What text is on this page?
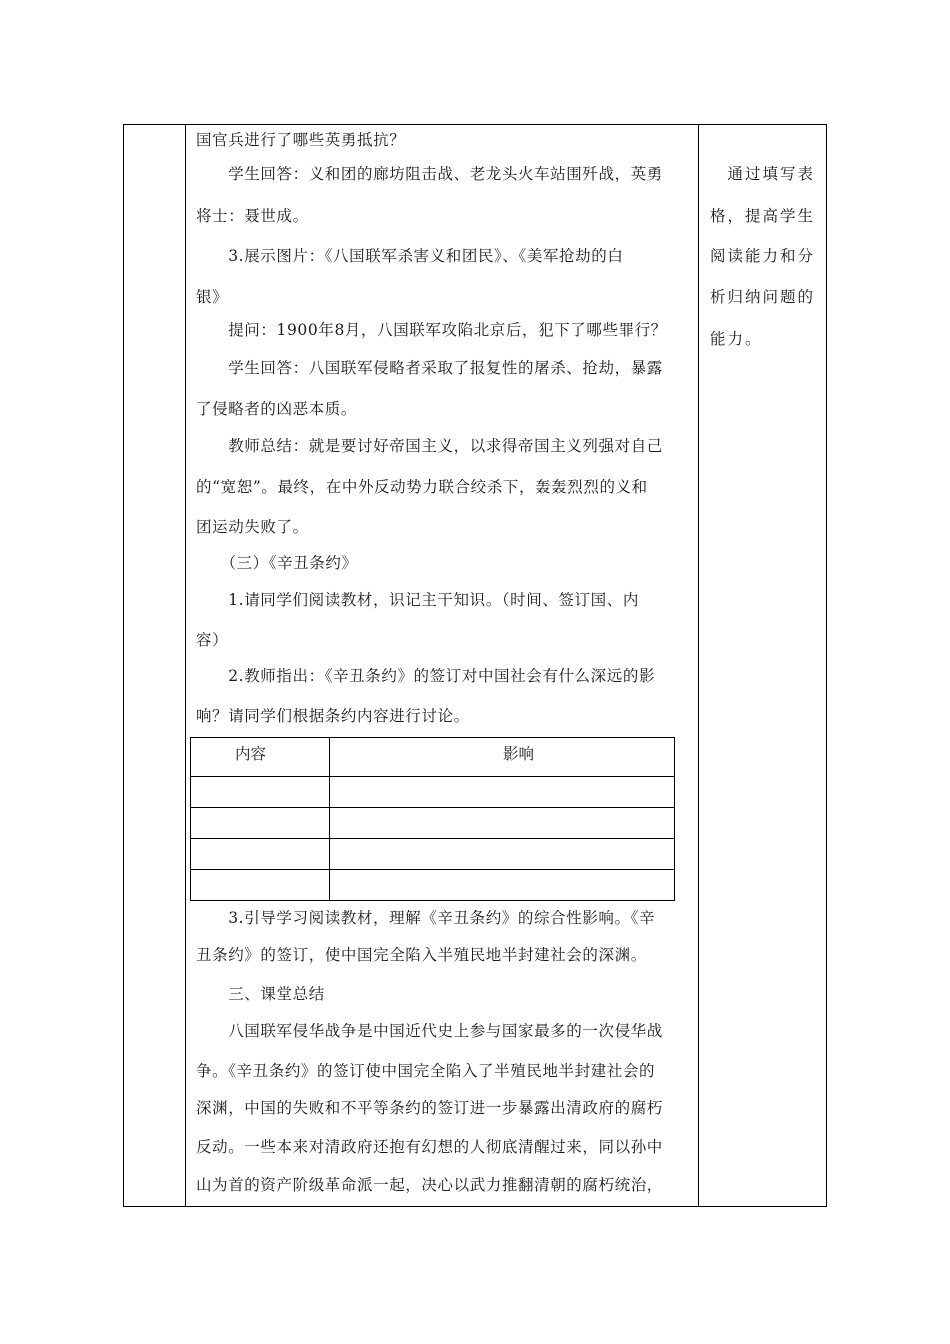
国官兵进行了哪些英勇抵抗？
　　学生回答：义和团的廊坊阻击战、老龙头火车站围歼战，英勇
将士：聂世成。
　　3.展示图片：《八国联军杀害义和团民》、《美军抢劫的白
银》
　　提问：1900年8月，八国联军攻陷北京后，犯下了哪些罪行？
　　学生回答：八国联军侵略者采取了报复性的屠杀、抢劫，暴露
了侵略者的凶恶本质。
　　教师总结：就是要讨好帝国主义，以求得帝国主义列强对自己
的“宽恕”。最终，在中外反动势力联合绞杀下，轰轰烈烈的义和
团运动失败了。
　　（三）《辛丑条约》
　　1.请同学们阅读教材，识记主干知识。（时间、签订国、内
容）
　　2.教师指出：《辛丑条约》的签订对中国社会有什么深远的影
响？请同学们根据条约内容进行讨论。
　　3.引导学习阅读教材，理解《辛丑条约》的综合性影响。《辛
丑条约》的签订，使中国完全陷入半殖民地半封建社会的深渊。
　　三、课堂总结
　　八国联军侵华战争是中国近代史上参与国家最多的一次侵华战
争。《辛丑条约》的签订使中国完全陷入了半殖民地半封建社会的
深渊，中国的失败和不平等条约的签订进一步暴露出清政府的腐朽
反动。一些本来对清政府还抱有幻想的人彻底清醒过来，同以孙中
山为首的资产阶级革命派一起，决心以武力推翻清朝的腐朽统治，
内容	影响
　通过填写表
格，提高学生
阅读能力和分
析归纳问题的
能力。
